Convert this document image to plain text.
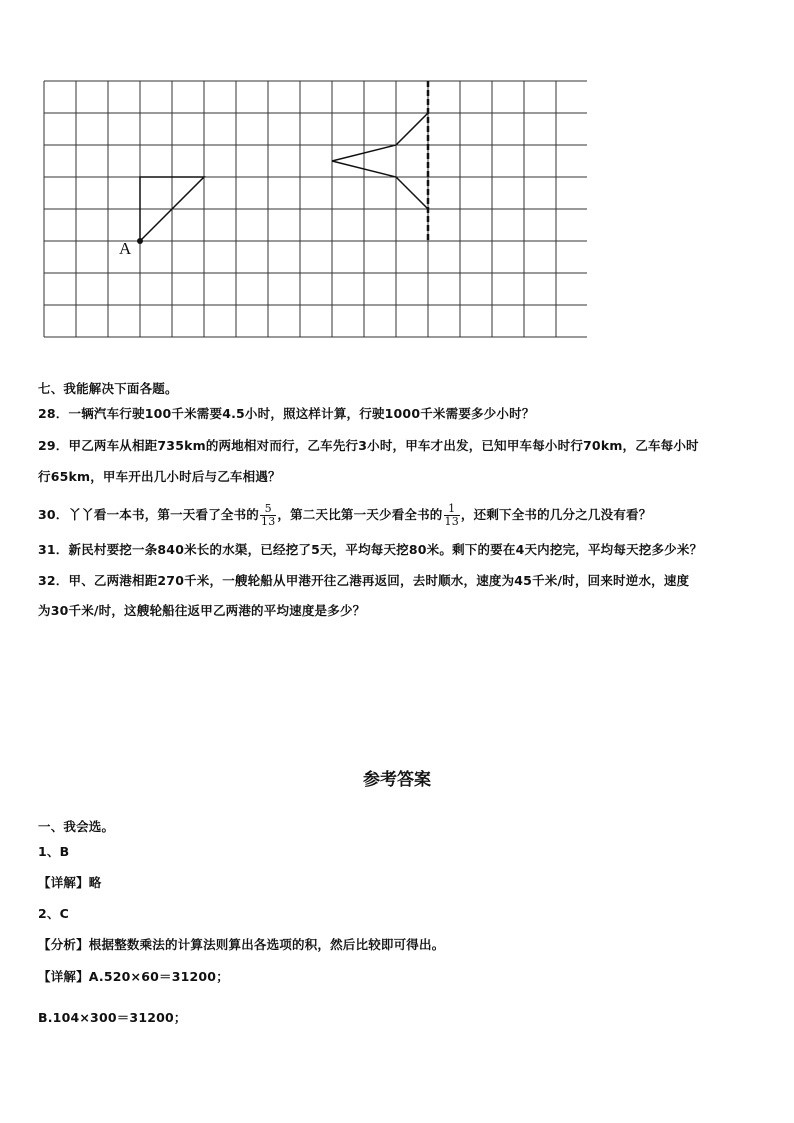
A
七、我能解决下面各题。
28．一辆汽车行驶100千米需要4.5小时，照这样计算，行驶1000千米需要多少小时？
29．甲乙两车从相距735km的两地相对而行，乙车先行3小时，甲车才出发，已知甲车每小时行70km，乙车每小时
行65km，甲车开出几小时后与乙车相遇？
30．丫丫看一本书，第一天看了全书的 $\frac{5}{13}$ ，第二天比第一天少看全书的 $\frac{1}{13}$ ，还剩下全书的几分之几没有看？
31．新民村要挖一条840米长的水渠，已经挖了5天，平均每天挖80米。剩下的要在4天内挖完，平均每天挖多少米？
32．甲、乙两港相距270千米，一艘轮船从甲港开往乙港再返回，去时顺水，速度为45千米/时，回来时逆水，速度
为30千米/时，这艘轮船往返甲乙两港的平均速度是多少？
参考答案
一、我会选。
1、B
【详解】略
2、C
【分析】根据整数乘法的计算法则算出各选项的积，然后比较即可得出。
【详解】A.520×60＝31200；
B.104×300＝31200；
